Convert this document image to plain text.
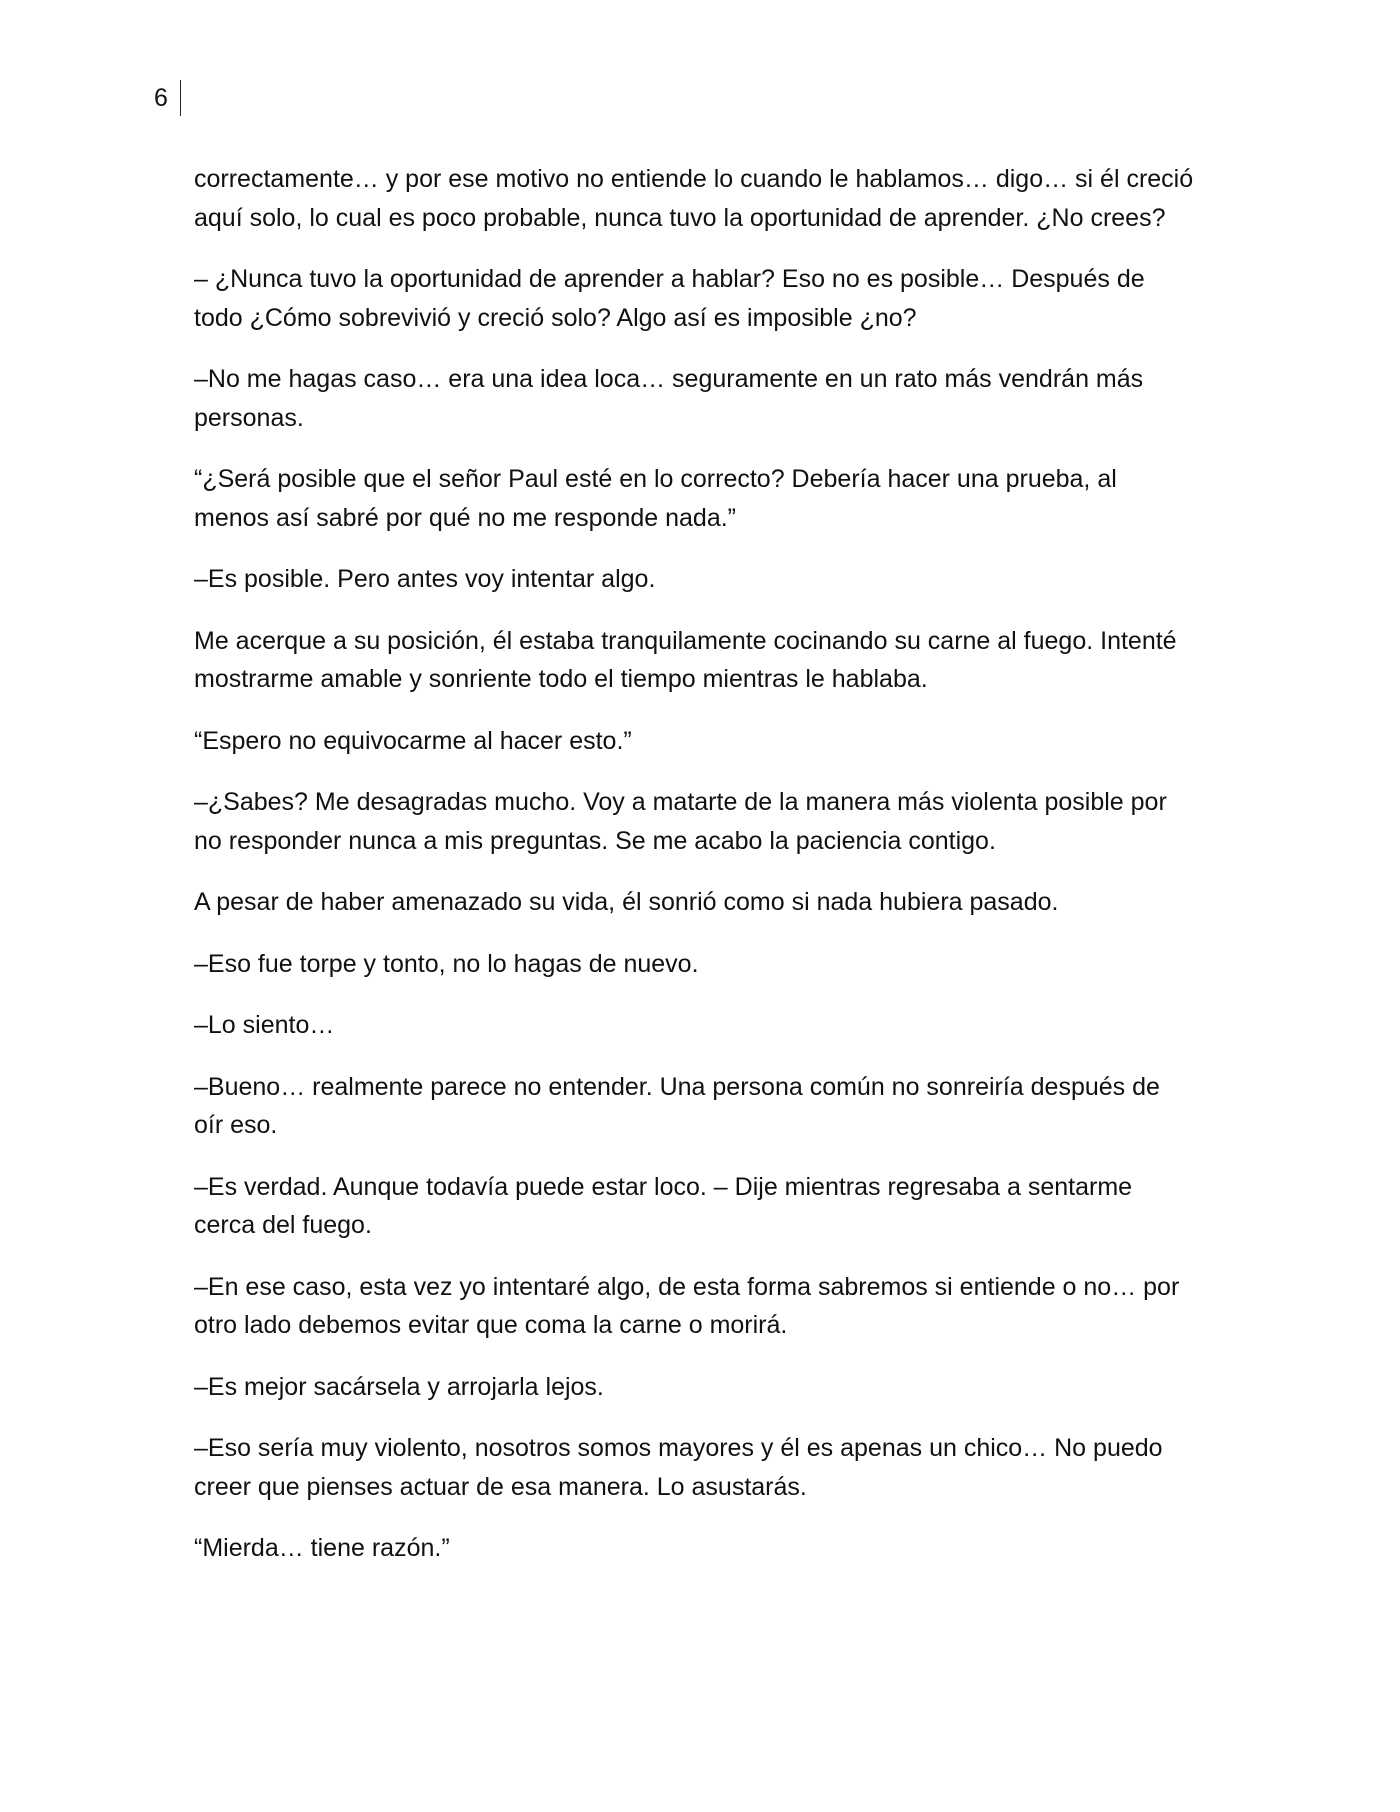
6

correctamente… y por ese motivo no entiende lo cuando le hablamos… digo… si él creció aquí solo, lo cual es poco probable, nunca tuvo la oportunidad de aprender. ¿No crees?

– ¿Nunca tuvo la oportunidad de aprender a hablar? Eso no es posible… Después de todo ¿Cómo sobrevivió y creció solo? Algo así es imposible ¿no?

–No me hagas caso… era una idea loca… seguramente en un rato más vendrán más personas.

“¿Será posible que el señor Paul esté en lo correcto? Debería hacer una prueba, al menos así sabré por qué no me responde nada.”

–Es posible. Pero antes voy intentar algo.

Me acerque a su posición, él estaba tranquilamente cocinando su carne al fuego. Intenté mostrarme amable y sonriente todo el tiempo mientras le hablaba.

“Espero no equivocarme al hacer esto.”

–¿Sabes? Me desagradas mucho. Voy a matarte de la manera más violenta posible por no responder nunca a mis preguntas. Se me acabo la paciencia contigo.

A pesar de haber amenazado su vida, él sonrió como si nada hubiera pasado.

–Eso fue torpe y tonto, no lo hagas de nuevo.

–Lo siento…

–Bueno… realmente parece no entender. Una persona común no sonreiría después de oír eso.

–Es verdad. Aunque todavía puede estar loco. – Dije mientras regresaba a sentarme cerca del fuego.

–En ese caso, esta vez yo intentaré algo, de esta forma sabremos si entiende o no… por otro lado debemos evitar que coma la carne o morirá.

–Es mejor sacársela y arrojarla lejos.

–Eso sería muy violento, nosotros somos mayores y él es apenas un chico… No puedo creer que pienses actuar de esa manera. Lo asustarás.

“Mierda… tiene razón.”
